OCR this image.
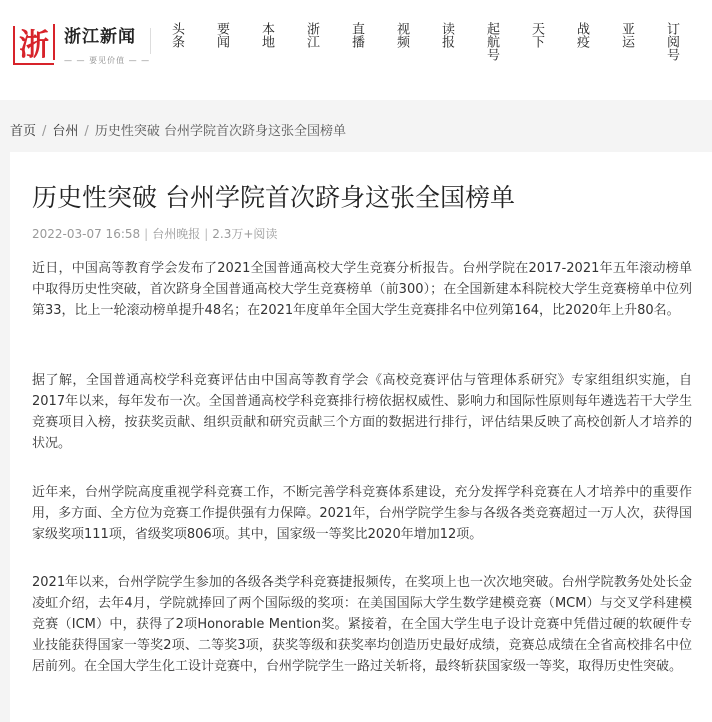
浙 浙江新闻
— — 要见价值 — —
头条	要闻	本地	浙江	直播	视频	读报	起航号	天下	战疫	亚运	订阅号
首页 / 台州 / 历史性突破 台州学院首次跻身这张全国榜单
历史性突破 台州学院首次跻身这张全国榜单
2022-03-07 16:58 | 台州晚报 | 2.3万+阅读

近日，中国高等教育学会发布了2021全国普通高校大学生竞赛分析报告。台州学院在2017-2021年五年滚动榜单中取得历史性突破，首次跻身全国普通高校大学生竞赛榜单（前300）；在全国新建本科院校大学生竞赛榜单中位列第33，比上一轮滚动榜单提升48名；在2021年度单年全国大学生竞赛排名中位列第164，比2020年上升80名。

据了解，全国普通高校学科竞赛评估由中国高等教育学会《高校竞赛评估与管理体系研究》专家组组织实施，自2017年以来，每年发布一次。全国普通高校学科竞赛排行榜依据权威性、影响力和国际性原则每年遴选若干大学生竞赛项目入榜，按获奖贡献、组织贡献和研究贡献三个方面的数据进行排行，评估结果反映了高校创新人才培养的状况。

近年来，台州学院高度重视学科竞赛工作，不断完善学科竞赛体系建设，充分发挥学科竞赛在人才培养中的重要作用，多方面、全方位为竞赛工作提供强有力保障。2021年，台州学院学生参与各级各类竞赛超过一万人次，获得国家级奖项111项，省级奖项806项。其中，国家级一等奖比2020年增加12项。

2021年以来，台州学院学生参加的各级各类学科竞赛捷报频传，在奖项上也一次次地突破。台州学院教务处处长金凌虹介绍，去年4月，学院就捧回了两个国际级的奖项：在美国国际大学生数学建模竞赛（MCM）与交叉学科建模竞赛（ICM）中，获得了2项Honorable Mention奖。紧接着，在全国大学生电子设计竞赛中凭借过硬的软硬件专业技能获得国家一等奖2项、二等奖3项，获奖等级和获奖率均创造历史最好成绩，竞赛总成绩在全省高校排名中位居前列。在全国大学生化工设计竞赛中，台州学院学生一路过关斩将，最终斩获国家级一等奖，取得历史性突破。
